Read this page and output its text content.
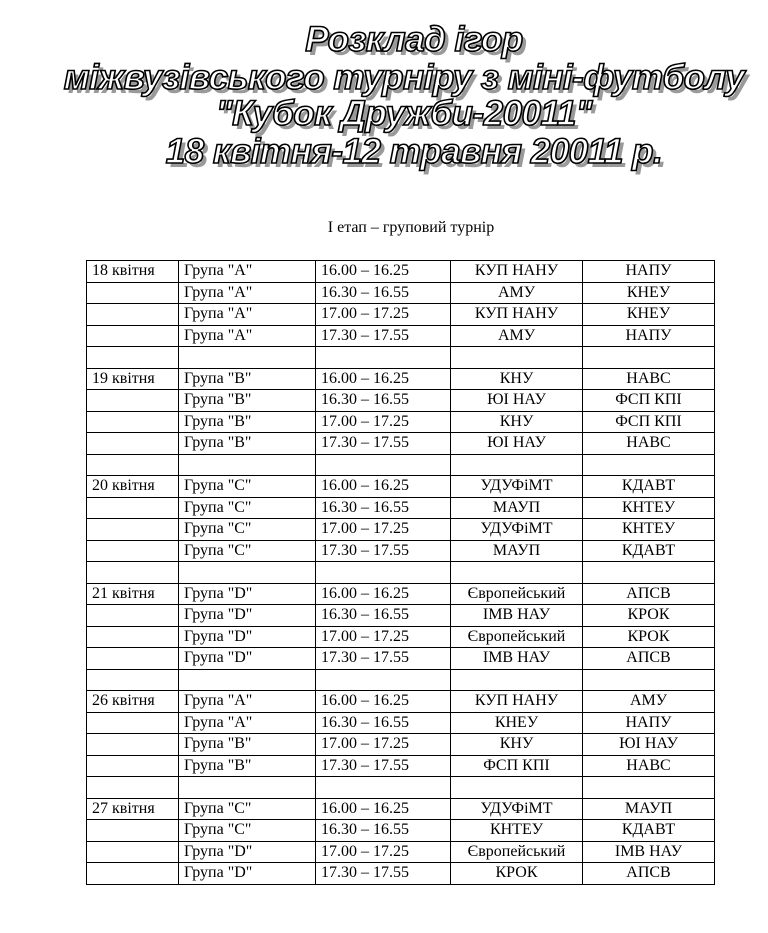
Розклад ігор
міжвузівського турніру з міні-футболу
"Кубок Дружби-20011"
18 квітня-12 травня 20011 р.
І етап – груповий турнір
18 квітня	Група "А"	16.00 – 16.25	КУП НАНУ	НАПУ
	Група "А"	16.30 – 16.55	АМУ	КНЕУ
	Група "А"	17.00 – 17.25	КУП НАНУ	КНЕУ
	Група "А"	17.30 – 17.55	АМУ	НАПУ

19 квітня	Група "В"	16.00 – 16.25	КНУ	НАВС
	Група "В"	16.30 – 16.55	ЮІ НАУ	ФСП КПІ
	Група "В"	17.00 – 17.25	КНУ	ФСП КПІ
	Група "В"	17.30 – 17.55	ЮІ НАУ	НАВС

20 квітня	Група "С"	16.00 – 16.25	УДУФіМТ	КДАВТ
	Група "С"	16.30 – 16.55	МАУП	КНТЕУ
	Група "С"	17.00 – 17.25	УДУФіМТ	КНТЕУ
	Група "С"	17.30 – 17.55	МАУП	КДАВТ

21 квітня	Група "D"	16.00 – 16.25	Європейський	АПСВ
	Група "D"	16.30 – 16.55	ІМВ НАУ	КРОК
	Група "D"	17.00 – 17.25	Європейський	КРОК
	Група "D"	17.30 – 17.55	ІМВ НАУ	АПСВ

26 квітня	Група "А"	16.00 – 16.25	КУП НАНУ	АМУ
	Група "А"	16.30 – 16.55	КНЕУ	НАПУ
	Група "В"	17.00 – 17.25	КНУ	ЮІ НАУ
	Група "В"	17.30 – 17.55	ФСП КПІ	НАВС

27 квітня	Група "С"	16.00 – 16.25	УДУФіМТ	МАУП
	Група "С"	16.30 – 16.55	КНТЕУ	КДАВТ
	Група "D"	17.00 – 17.25	Європейський	ІМВ НАУ
	Група "D"	17.30 – 17.55	КРОК	АПСВ
